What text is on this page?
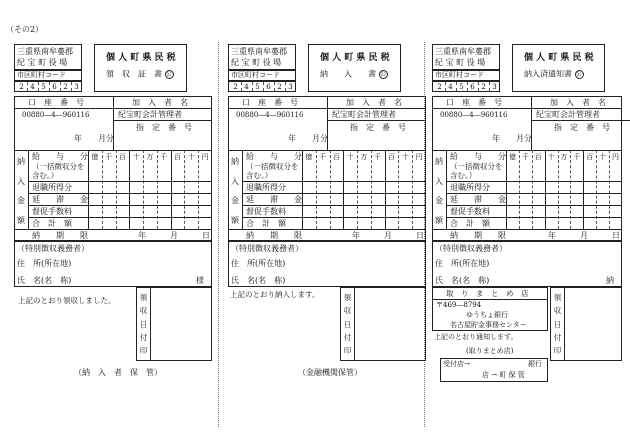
（その2）
三重県南牟婁郡
紀 宝 町 役 場
市区町村コード
2 4 5 6 2 3
個 人 町 県 民 税
領　収　証　書 公
口　座　番　号
00880―4―960116
加　入　者　名
紀宝町会計管理者
指　定　番　号
年　　月分
納
入
金
額
億 千 百 十 万 千 百 十 円
給　　与　　分
（一括徴収分を
含む。）
退職所得分
延　　滞　　金
督促手数料
合　計　額
納　　期　　限	年　　　月　　　日
（特別徴収義務者）
住　所(所在地)
氏　名(名　称)	様
上記のとおり領収しました。	領
収
日
付
印
（納　入　者　保　管）
三重県南牟婁郡
紀 宝 町 役 場
市区町村コード
2 4 5 6 2 3
個 人 町 県 民 税
納　　入　　書 公
口　座　番　号
00880―4―960116
加　入　者　名
紀宝町会計管理者
指　定　番　号
年　　月分
納
入
金
額
億 千 百 十 万 千 百 十 円
給　　与　　分
（一括徴収分を
含む。）
退職所得分
延　　滞　　金
督促手数料
合　計　額
納　　期　　限	年　　　月　　　日
（特別徴収義務者）
住　所(所在地)
氏　名(名　称)
上記のとおり納入します。	領
収
日
付
印
（金融機関保管）
三重県南牟婁郡
紀 宝 町 役 場
市区町村コード
2 4 5 6 2 3
個 人 町 県 民 税
納入済通知書 公
口　座　番　号
00880―4―960116
加　入　者　名
紀宝町会計管理者
指　定　番　号
年　　月分
納
入
金
額
億 千 百 十 万 千 百 十 円
給　　与　　分
（一括徴収分を
含む。）
退職所得分
延　　滞　　金
督促手数料
合　計　額
納　　期　　限	年　　　月　　　日
（特別徴収義務者）
住　所(所在地)
氏　名(名　称)	納
取　り　ま　と　め　店
〒469―8794
ゆうちょ銀行
名古屋貯金事務センター
上記のとおり通知します。
(取りまとめ店)
受付店→	銀行
店 → 町 保 管
領
収
日
付
印
